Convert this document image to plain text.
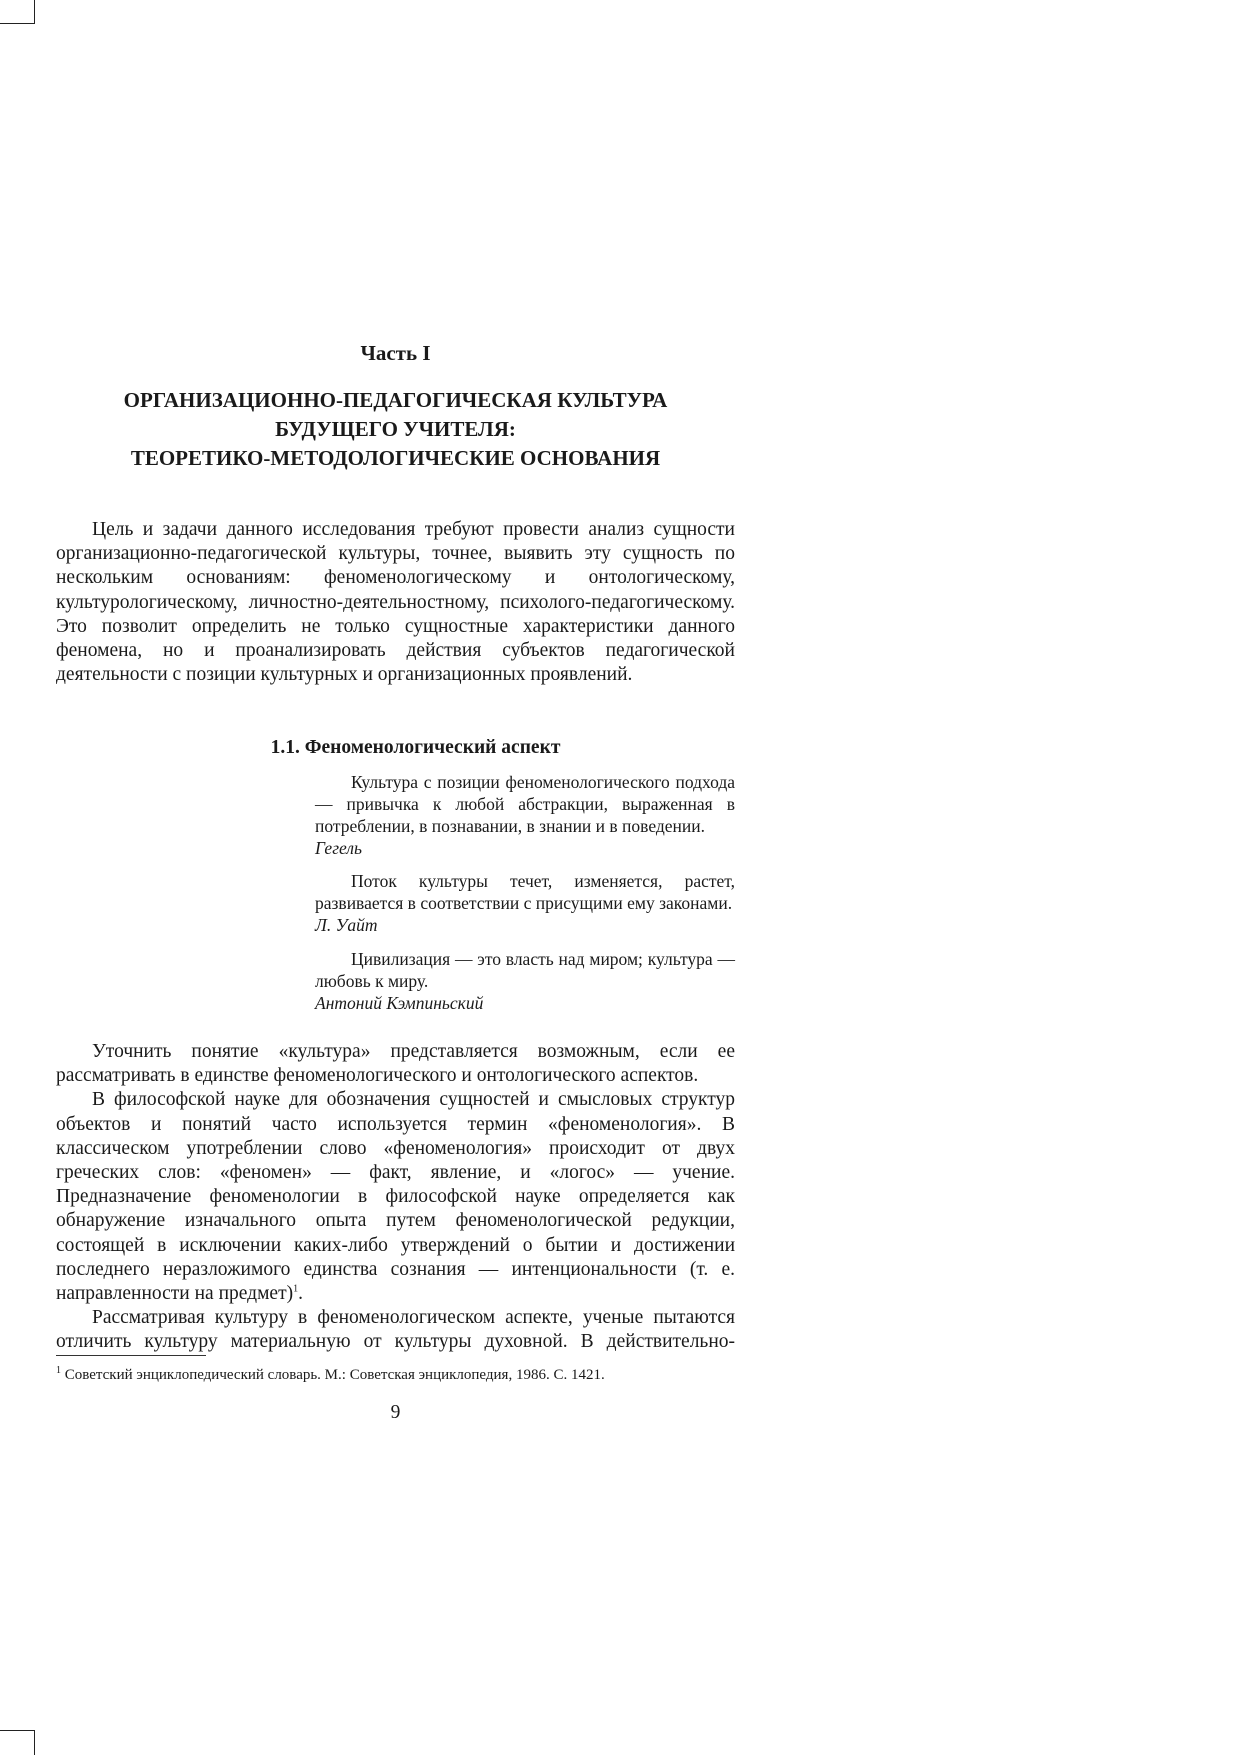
Часть I
ОРГАНИЗАЦИОННО-ПЕДАГОГИЧЕСКАЯ КУЛЬТУРА
БУДУЩЕГО УЧИТЕЛЯ:
ТЕОРЕТИКО-МЕТОДОЛОГИЧЕСКИЕ ОСНОВАНИЯ

Цель и задачи данного исследования требуют провести анализ сущности организационно-педагогической культуры, точнее, выявить эту сущность по нескольким основаниям: феноменологическому и онтологическому, культурологическому, личностно-деятельностному, психолого-педагогическому. Это позволит определить не только сущностные характеристики данного феномена, но и проанализировать действия субъектов педагогической деятельности с позиции культурных и организационных проявлений.

1.1. Феноменологический аспект

Культура с позиции феноменологического подхода — привычка к любой абстракции, выраженная в потреблении, в познавании, в знании и в поведении.

Гегель

Поток культуры течет, изменяется, растет, развивается в соответствии с присущими ему законами.

Л. Уайт

Цивилизация — это власть над миром; культура — любовь к миру.

Антоний Кэмпиньский

Уточнить понятие «культура» представляется возможным, если ее рассматривать в единстве феноменологического и онтологического аспектов.

В философской науке для обозначения сущностей и смысловых структур объектов и понятий часто используется термин «феноменология». В классическом употреблении слово «феноменология» происходит от двух греческих слов: «феномен» — факт, явление, и «логос» — учение. Предназначение феноменологии в философской науке определяется как обнаружение изначального опыта путем феноменологической редукции, состоящей в исключении каких-либо утверждений о бытии и достижении последнего неразложимого единства сознания — интенциональности (т. е. направленности на предмет)$^1$.

Рассматривая культуру в феноменологическом аспекте, ученые пытаются отличить культуру материальную от культуры духовной. В действительно-

$^1$ Советский энциклопедический словарь. М.: Советская энциклопедия, 1986. С. 1421.
9
